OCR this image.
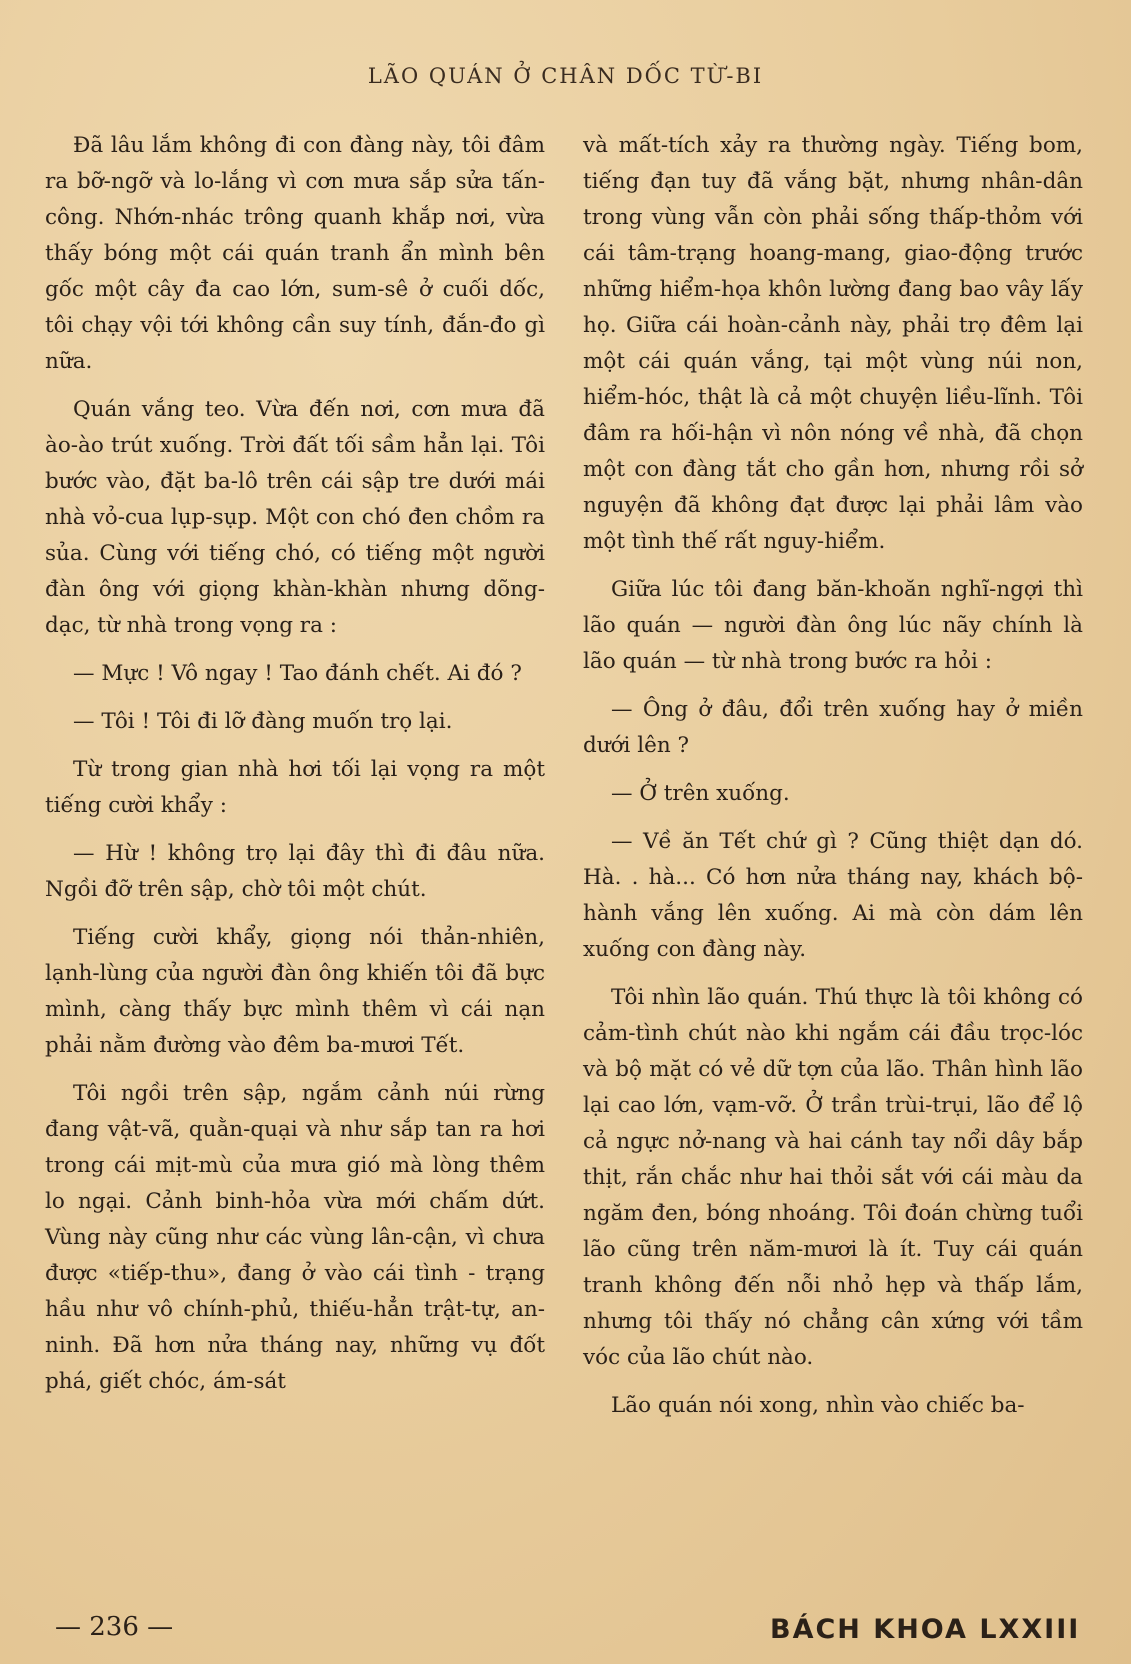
LÃO QUÁN Ở CHÂN DỐC TỪ-BI

Đã lâu lắm không đi con đàng này, tôi đâm ra bỡ-ngỡ và lo-lắng vì cơn mưa sắp sửa tấn-công. Nhớn-nhác trông quanh khắp nơi, vừa thấy bóng một cái quán tranh ẩn mình bên gốc một cây đa cao lớn, sum-sê ở cuối dốc, tôi chạy vội tới không cần suy tính, đắn-đo gì nữa.

Quán vắng teo. Vừa đến nơi, cơn mưa đã ào-ào trút xuống. Trời đất tối sầm hẳn lại. Tôi bước vào, đặt ba-lô trên cái sập tre dưới mái nhà vỏ-cua lụp-sụp. Một con chó đen chồm ra sủa. Cùng với tiếng chó, có tiếng một người đàn ông với giọng khàn-khàn nhưng dõng-dạc, từ nhà trong vọng ra :

— Mực ! Vô ngay ! Tao đánh chết. Ai đó ?

— Tôi ! Tôi đi lỡ đàng muốn trọ lại.

Từ trong gian nhà hơi tối lại vọng ra một tiếng cười khẩy :

— Hừ ! không trọ lại đây thì đi đâu nữa. Ngồi đỡ trên sập, chờ tôi một chút.

Tiếng cười khẩy, giọng nói thản-nhiên, lạnh-lùng của người đàn ông khiến tôi đã bực mình, càng thấy bực mình thêm vì cái nạn phải nằm đường vào đêm ba-mươi Tết.

Tôi ngồi trên sập, ngắm cảnh núi rừng đang vật-vã, quằn-quại và như sắp tan ra hơi trong cái mịt-mù của mưa gió mà lòng thêm lo ngại. Cảnh binh-hỏa vừa mới chấm dứt. Vùng này cũng như các vùng lân-cận, vì chưa được «tiếp-thu», đang ở vào cái tình - trạng hầu như vô chính-phủ, thiếu-hẳn trật-tự, an-ninh. Đã hơn nửa tháng nay, những vụ đốt phá, giết chóc, ám-sát

và mất-tích xảy ra thường ngày. Tiếng bom, tiếng đạn tuy đã vắng bặt, nhưng nhân-dân trong vùng vẫn còn phải sống thấp-thỏm với cái tâm-trạng hoang-mang, giao-động trước những hiểm-họa khôn lường đang bao vây lấy họ. Giữa cái hoàn-cảnh này, phải trọ đêm lại một cái quán vắng, tại một vùng núi non, hiểm-hóc, thật là cả một chuyện liều-lĩnh. Tôi đâm ra hối-hận vì nôn nóng về nhà, đã chọn một con đàng tắt cho gần hơn, nhưng rồi sở nguyện đã không đạt được lại phải lâm vào một tình thế rất nguy-hiểm.

Giữa lúc tôi đang băn-khoăn nghĩ-ngợi thì lão quán — người đàn ông lúc nãy chính là lão quán — từ nhà trong bước ra hỏi :

— Ông ở đâu, đổi trên xuống hay ở miền dưới lên ?

— Ở trên xuống.

— Về ăn Tết chứ gì ? Cũng thiệt dạn dó. Hà. . hà... Có hơn nửa tháng nay, khách bộ-hành vắng lên xuống. Ai mà còn dám lên xuống con đàng này.

Tôi nhìn lão quán. Thú thực là tôi không có cảm-tình chút nào khi ngắm cái đầu trọc-lóc và bộ mặt có vẻ dữ tợn của lão. Thân hình lão lại cao lớn, vạm-vỡ. Ở trần trùi-trụi, lão để lộ cả ngực nở-nang và hai cánh tay nổi dây bắp thịt, rắn chắc như hai thỏi sắt với cái màu da ngăm đen, bóng nhoáng. Tôi đoán chừng tuổi lão cũng trên năm-mươi là ít. Tuy cái quán tranh không đến nỗi nhỏ hẹp và thấp lắm, nhưng tôi thấy nó chẳng cân xứng với tầm vóc của lão chút nào.

Lão quán nói xong, nhìn vào chiếc ba-

— 236 —	BÁCH KHOA LXXIII
